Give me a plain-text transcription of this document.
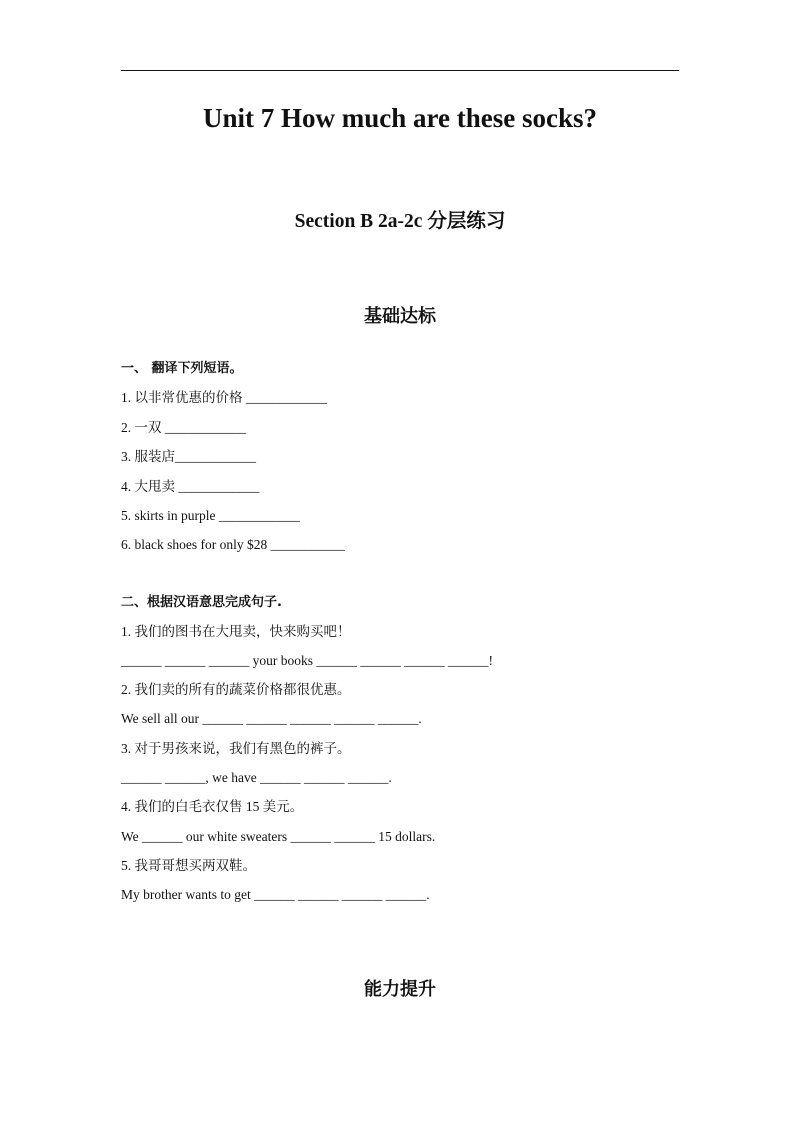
Unit 7 How much are these socks?
Section B 2a-2c 分层练习
基础达标
一、 翻译下列短语。
1. 以非常优惠的价格 ____________
2. 一双 ____________
3. 服装店____________
4. 大甩卖 ____________
5. skirts in purple ____________
6. black shoes for only $28 ___________
二、根据汉语意思完成句子.
1. 我们的图书在大甩卖，快来购买吧！
______ ______ ______ your books ______ ______ ______ ______!
2. 我们卖的所有的蔬菜价格都很优惠。
We sell all our ______ ______ ______ ______ ______.
3. 对于男孩来说，我们有黑色的裤子。
______ ______, we have ______ ______ ______.
4. 我们的白毛衣仅售 15 美元。
We ______ our white sweaters ______ ______ 15 dollars.
5. 我哥哥想买两双鞋。
My brother wants to get ______ ______ ______ ______.
能力提升
